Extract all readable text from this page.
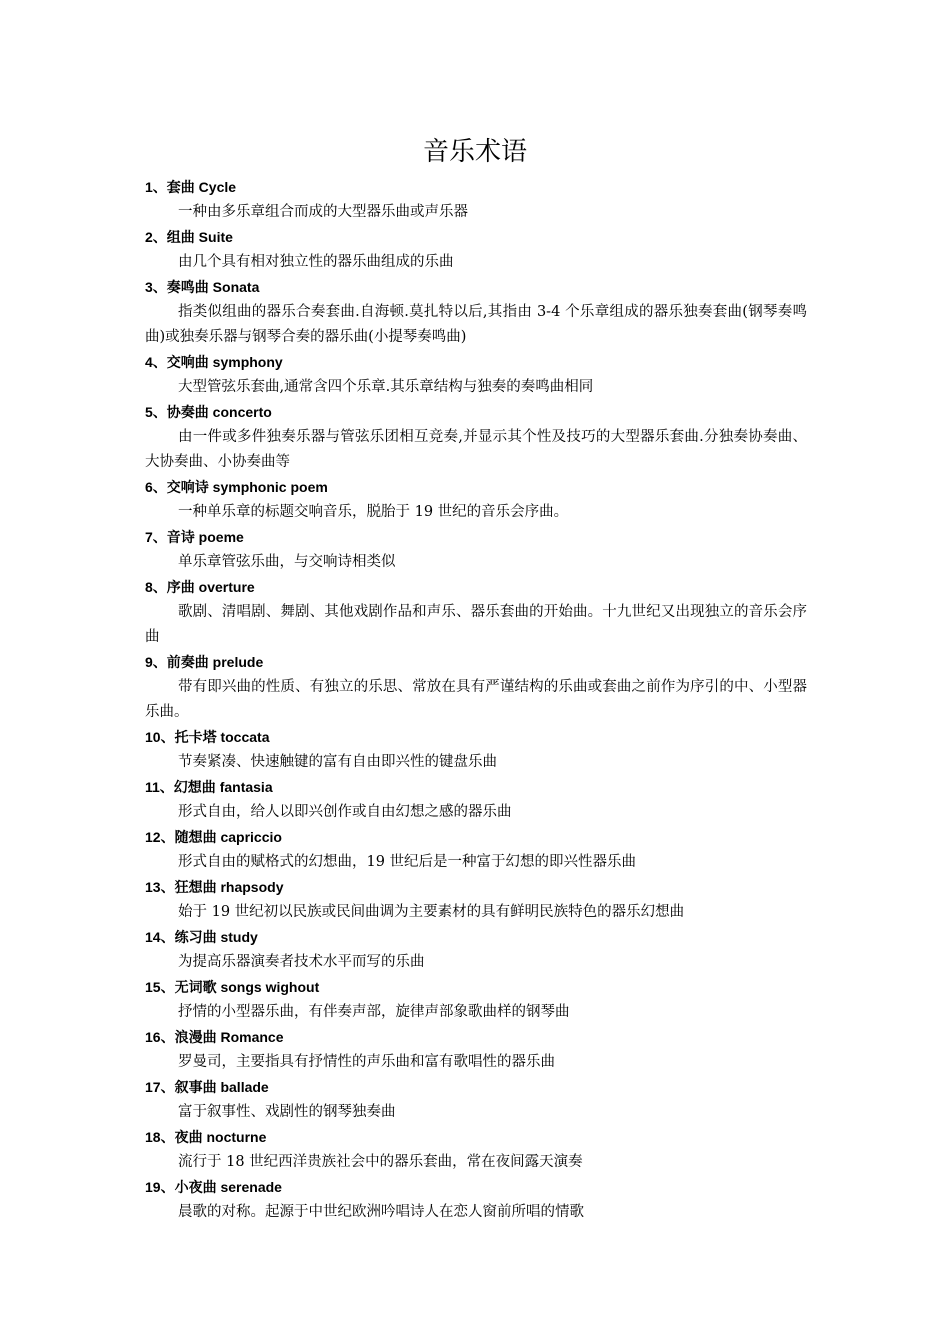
音乐术语
1、套曲 Cycle
一种由多乐章组合而成的大型器乐曲或声乐器
2、组曲 Suite
由几个具有相对独立性的器乐曲组成的乐曲
3、奏鸣曲 Sonata
指类似组曲的器乐合奏套曲.自海顿.莫扎特以后,其指由 3-4 个乐章组成的器乐独奏套曲(钢琴奏鸣曲)或独奏乐器与钢琴合奏的器乐曲(小提琴奏鸣曲)
4、交响曲 symphony
大型管弦乐套曲,通常含四个乐章.其乐章结构与独奏的奏鸣曲相同
5、协奏曲 concerto
由一件或多件独奏乐器与管弦乐团相互竞奏,并显示其个性及技巧的大型器乐套曲.分独奏协奏曲、大协奏曲、小协奏曲等
6、交响诗 symphonic poem
一种单乐章的标题交响音乐，脱胎于 19 世纪的音乐会序曲。
7、音诗 poeme
单乐章管弦乐曲，与交响诗相类似
8、序曲 overture
歌剧、清唱剧、舞剧、其他戏剧作品和声乐、器乐套曲的开始曲。十九世纪又出现独立的音乐会序曲
9、前奏曲 prelude
带有即兴曲的性质、有独立的乐思、常放在具有严谨结构的乐曲或套曲之前作为序引的中、小型器乐曲。
10、托卡塔 toccata
节奏紧凑、快速触键的富有自由即兴性的键盘乐曲
11、幻想曲 fantasia
形式自由，给人以即兴创作或自由幻想之感的器乐曲
12、随想曲 capriccio
形式自由的赋格式的幻想曲，19 世纪后是一种富于幻想的即兴性器乐曲
13、狂想曲 rhapsody
始于 19 世纪初以民族或民间曲调为主要素材的具有鲜明民族特色的器乐幻想曲
14、练习曲 study
为提高乐器演奏者技术水平而写的乐曲
15、无词歌 songs wighout
抒情的小型器乐曲，有伴奏声部，旋律声部象歌曲样的钢琴曲
16、浪漫曲 Romance
罗曼司，主要指具有抒情性的声乐曲和富有歌唱性的器乐曲
17、叙事曲 ballade
富于叙事性、戏剧性的钢琴独奏曲
18、夜曲 nocturne
流行于 18 世纪西洋贵族社会中的器乐套曲，常在夜间露天演奏
19、小夜曲 serenade
晨歌的对称。起源于中世纪欧洲吟唱诗人在恋人窗前所唱的情歌
